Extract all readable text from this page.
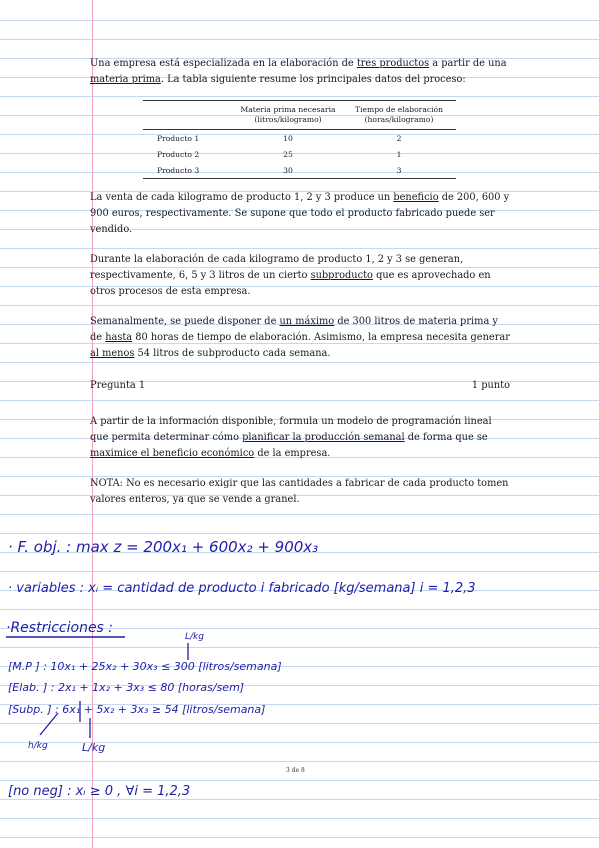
Una empresa está especializada en la elaboración de tres productos a partir de una materia prima. La tabla siguiente resume los principales datos del proceso:

Materia prima necesaria
(litros/kilogramo)
Tiempo de elaboración
(horas/kilogramo)
Producto 1	10	2
Producto 2	25	1
Producto 3	30	3

La venta de cada kilogramo de producto 1, 2 y 3 produce un beneficio de 200, 600 y 900 euros, respectivamente. Se supone que todo el producto fabricado puede ser vendido.

Durante la elaboración de cada kilogramo de producto 1, 2 y 3 se generan, respectivamente, 6, 5 y 3 litros de un cierto subproducto que es aprovechado en otros procesos de esta empresa.

Semanalmente, se puede disponer de un máximo de 300 litros de materia prima y de hasta 80 horas de tiempo de elaboración. Asimismo, la empresa necesita generar al menos 54 litros de subproducto cada semana.

Pregunta 1	1 punto

A partir de la información disponible, formula un modelo de programación lineal que permita determinar cómo planificar la producción semanal de forma que se maximice el beneficio económico de la empresa.

NOTA: No es necesario exigir que las cantidades a fabricar de cada producto tomen valores enteros, ya que se vende a granel.

3 de 8
· F. obj. : max z = 200x₁ + 600x₂ + 900x₃
· variables : xᵢ = cantidad de producto i fabricado [kg/semana] i = 1,2,3
·Restricciones :
L/kg
[M.P ] : 10x₁ + 25x₂ + 30x₃ ≤ 300 [litros/semana]
[Elab. ] : 2x₁ + 1x₂ + 3x₃ ≤ 80 [horas/sem]
[Subp. ] : 6x₁ + 5x₂ + 3x₃ ≥ 54 [litros/semana]
h/kg	L/kg
[no neg] : xᵢ ≥ 0 , ∀i = 1,2,3
